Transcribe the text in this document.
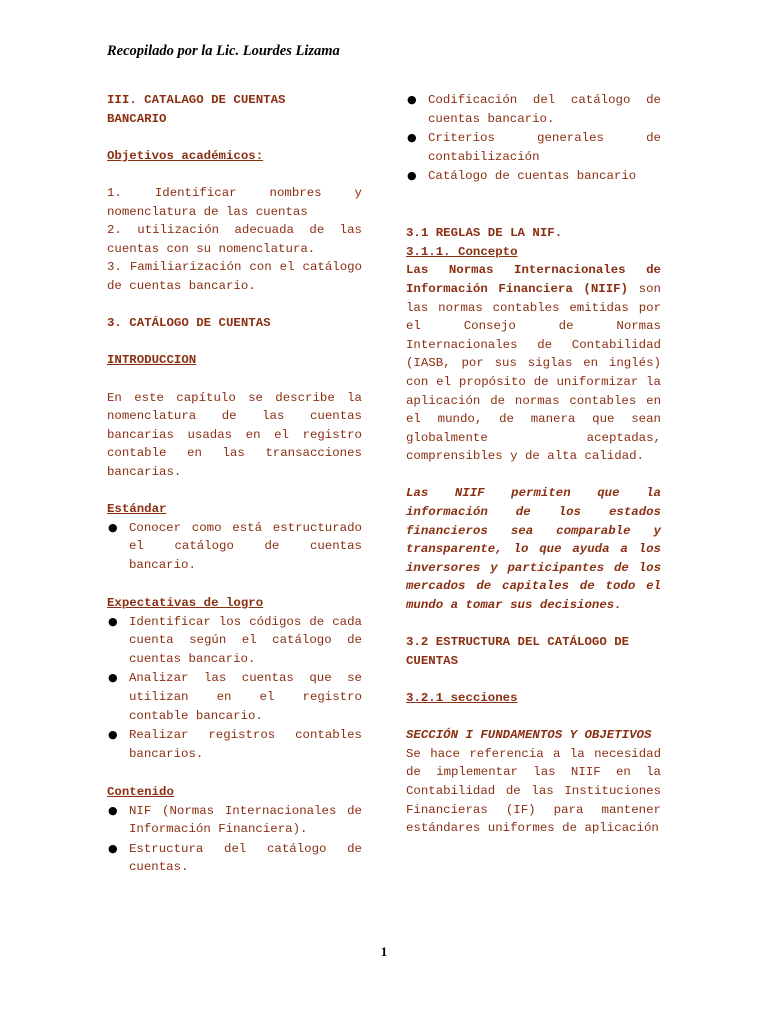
Recopilado por la Lic. Lourdes Lizama

III. CATALAGO DE CUENTAS
BANCARIO

Objetivos académicos:

1. Identificar nombres y nomenclatura de las cuentas

2. utilización adecuada de las cuentas con su nomenclatura.

3. Familiarización con el catálogo de cuentas bancario.

3. CATÁLOGO DE CUENTAS

INTRODUCCION

En este capítulo se describe la nomenclatura de las cuentas bancarias usadas en el registro contable en las transacciones bancarias.

Estándar

● Conocer como está estructurado el catálogo de cuentas bancario.

Expectativas de logro

● Identificar los códigos de cada cuenta según el catálogo de cuentas bancario.
● Analizar las cuentas que se utilizan en el registro contable bancario.
● Realizar registros contables bancarios.

Contenido

● NIF (Normas Internacionales de Información Financiera).
● Estructura del catálogo de cuentas.
● Codificación del catálogo de cuentas bancario.
● Criterios generales de contabilización
● Catálogo de cuentas bancario

3.1 REGLAS DE LA NIF.

3.1.1. Concepto

Las Normas Internacionales de Información Financiera (NIIF) son las normas contables emitidas por el Consejo de Normas Internacionales de Contabilidad (IASB, por sus siglas en inglés) con el propósito de uniformizar la aplicación de normas contables en el mundo, de manera que sean globalmente aceptadas, comprensibles y de alta calidad.

Las NIIF permiten que la información de los estados financieros sea comparable y transparente, lo que ayuda a los inversores y participantes de los mercados de capitales de todo el mundo a tomar sus decisiones.

3.2 ESTRUCTURA DEL CATÁLOGO DE CUENTAS

3.2.1 secciones

SECCIÓN I FUNDAMENTOS Y OBJETIVOS

Se hace referencia a la necesidad de implementar las NIIF en la Contabilidad de las Instituciones Financieras (IF) para mantener estándares uniformes de aplicación

1
